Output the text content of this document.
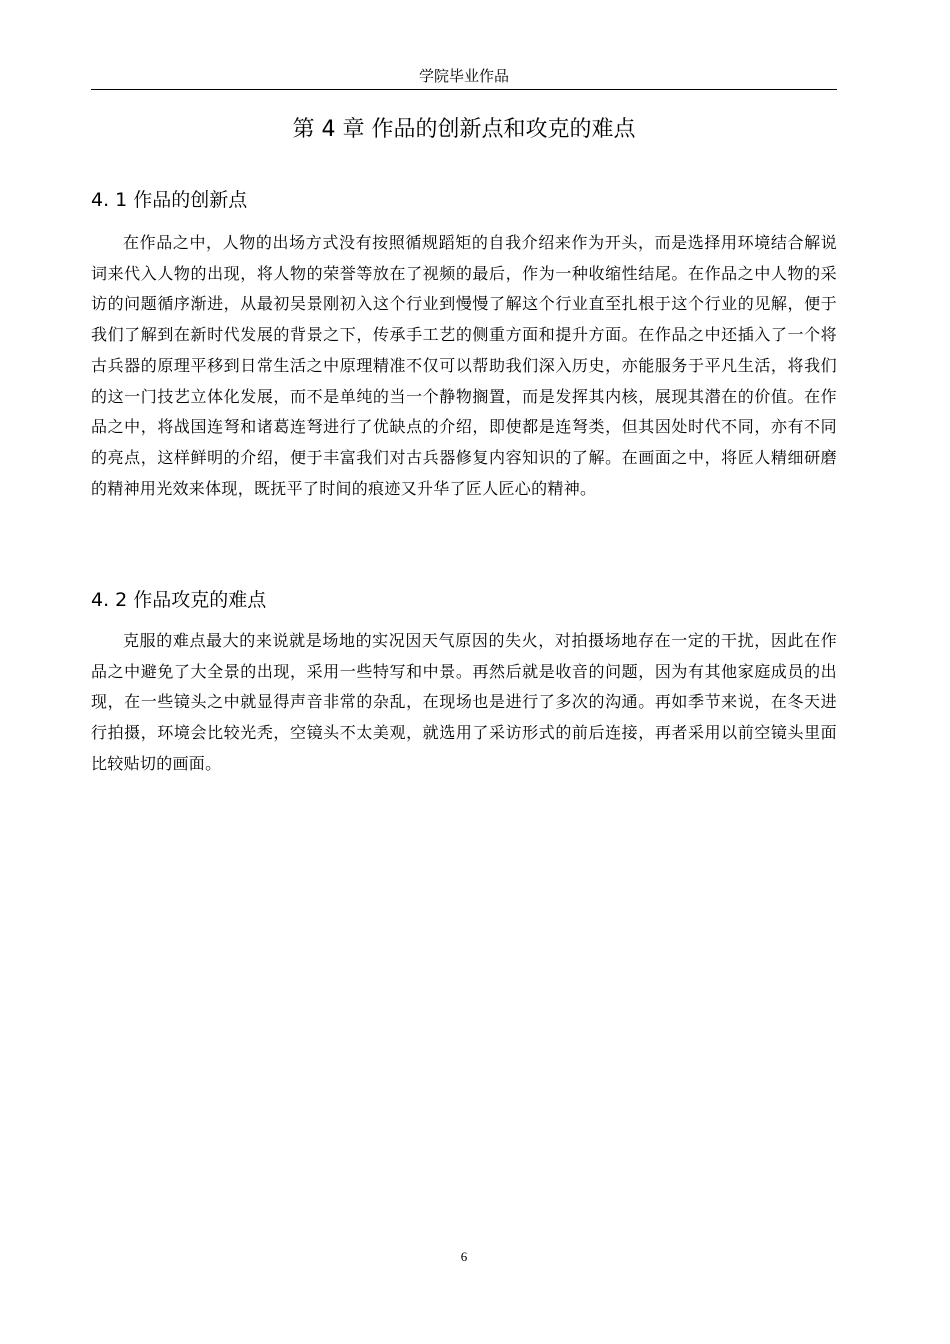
学院毕业作品
第 4 章 作品的创新点和攻克的难点
4. 1 作品的创新点

在作品之中，人物的出场方式没有按照循规蹈矩的自我介绍来作为开头，而是选择用环境结合解说词来代入人物的出现，将人物的荣誉等放在了视频的最后，作为一种收缩性结尾。在作品之中人物的采访的问题循序渐进，从最初吴景刚初入这个行业到慢慢了解这个行业直至扎根于这个行业的见解，便于我们了解到在新时代发展的背景之下，传承手工艺的侧重方面和提升方面。在作品之中还插入了一个将古兵器的原理平移到日常生活之中原理精准不仅可以帮助我们深入历史，亦能服务于平凡生活，将我们的这一门技艺立体化发展，而不是单纯的当一个静物搁置，而是发挥其内核，展现其潜在的价值。在作品之中，将战国连弩和诸葛连弩进行了优缺点的介绍，即使都是连弩类，但其因处时代不同，亦有不同的亮点，这样鲜明的介绍，便于丰富我们对古兵器修复内容知识的了解。在画面之中，将匠人精细研磨的精神用光效来体现，既抚平了时间的痕迹又升华了匠人匠心的精神。

4. 2 作品攻克的难点

克服的难点最大的来说就是场地的实况因天气原因的失火，对拍摄场地存在一定的干扰，因此在作品之中避免了大全景的出现，采用一些特写和中景。再然后就是收音的问题，因为有其他家庭成员的出现，在一些镜头之中就显得声音非常的杂乱，在现场也是进行了多次的沟通。再如季节来说，在冬天进行拍摄，环境会比较光秃，空镜头不太美观，就选用了采访形式的前后连接，再者采用以前空镜头里面比较贴切的画面。

6
